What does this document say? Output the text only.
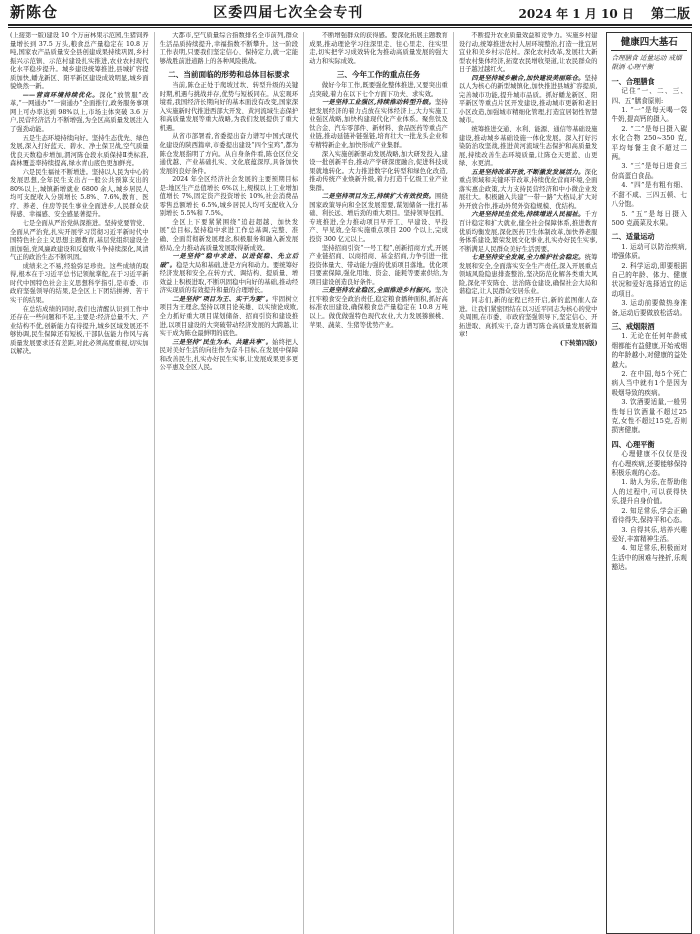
新陈仓	区委四届七次全会专刊	2024 年 1 月 10 日 第二版

(上接第一版)建设 10 个万亩林果示范园,生猪饲养量增长到 37.5 万头,粮食总产量稳定在 10.8 万吨,国家农产品质量安全县创建成果持续巩固,乡村振兴示范镇、示范村建设扎实推进,农业农村现代化水平稳步提升。城乡建设统筹推进,县城扩容提质加快,蟠龙新区、阳平新区建设成效明显,城乡面貌焕然一新。

——营商环境持续优化。深化“放管服”改革,“一网通办”“一窗通办”全面推行,政务服务事项网上可办率达到 98%以上,市场主体突破 3.6 万户,民营经济活力不断增强,为全区高质量发展注入了强劲动能。

五是生态环境持续向好。坚持生态优先、绿色发展,深入打好蓝天、碧水、净土保卫战,空气质量优良天数稳步增加,渭河陈仓段水质保持Ⅱ类标准,森林覆盖率持续提高,绿水青山底色更加鲜亮。

六是民生福祉不断增进。坚持以人民为中心的发展思想,全年民生支出占一般公共预算支出的 80%以上,城镇新增就业 6800 余人,城乡居民人均可支配收入分别增长 5.8%、7.6%,教育、医疗、养老、住房等民生事业全面进步,人民群众获得感、幸福感、安全感显著提升。

七是全面从严治党纵深推进。坚持党要管党、全面从严治党,扎实开展学习贯彻习近平新时代中国特色社会主义思想主题教育,基层党组织建设全面加强,党风廉政建设和反腐败斗争持续深化,风清气正的政治生态不断巩固。

成绩来之不易,经验弥足珍贵。这些成绩的取得,根本在于习近平总书记领航掌舵,在于习近平新时代中国特色社会主义思想科学指引,是市委、市政府坚强领导的结果,是全区上下团结拼搏、苦干实干的结果。

在总结成绩的同时,我们也清醒认识到工作中还存在一些问题和不足,主要是:经济总量不大、产业结构不优,创新能力有待提升,城乡区域发展还不够协调,民生保障还有短板,干部队伍能力作风与高质量发展要求还有差距,对此必须高度重视,切实加以解决。

大都市,空气质量综合指数排名全市前列,群众生活品质持续提升,幸福指数不断攀升。这一阶段工作表明,只要我们坚定信心、保持定力,就一定能够战胜前进道路上的各种风险挑战。

二、当前面临的形势和总体目标要求

当前,陈仓正处于爬坡过坎、转型升级的关键时期,机遇与挑战并存,优势与短板同在。从宏观环境看,我国经济长期向好的基本面没有改变,国家深入实施新时代推进西部大开发、黄河流域生态保护和高质量发展等重大战略,为我们发展提供了重大机遇。

从省市部署看,省委提出奋力谱写中国式现代化建设的陕西篇章,市委提出建设“四个宝鸡”,都为陈仓发展指明了方向。从自身条件看,陈仓区位交通优越、产业基础扎实、文化底蕴深厚,具备加快发展的良好条件。

2024 年全区经济社会发展的主要预期目标是:地区生产总值增长 6%以上,规模以上工业增加值增长 7%,固定资产投资增长 10%,社会消费品零售总额增长 6.5%,城乡居民人均可支配收入分别增长 5.5%和 7.5%。

全区上下要紧紧围绕“追赶超越、加快发展”总目标,坚持稳中求进工作总基调,完整、准确、全面贯彻新发展理念,积极服务和融入新发展格局,全力推动高质量发展取得新成效。

一是坚持“稳中求进、以进促稳、先立后破”。稳是大局和基础,进是方向和动力。要统筹好经济发展和安全,在转方式、调结构、提质量、增效益上积极进取,不断巩固稳中向好的基础,推动经济实现质的有效提升和量的合理增长。

二是坚持“项目为王、实干为要”。牢固树立项目为王理念,坚持以项目论英雄、以实绩论成败,全力抓好重大项目谋划储备、招商引资和建设推进,以项目建设的大突破带动经济发展的大跨越,让实干成为陈仓最鲜明的底色。

三是坚持“民生为本、共建共享”。始终把人民对美好生活的向往作为奋斗目标,在发展中保障和改善民生,扎实办好民生实事,让发展成果更多更公平惠及全区人民。

不断增强群众的获得感。要深化拓展主题教育成果,推动理论学习往深里走、往心里走、往实里走,切实把学习成效转化为推动高质量发展的强大动力和实际成效。

三、今年工作的重点任务

做好今年工作,既要强化整体推进,又要突出重点突破,着力在以下七个方面下功夫、求实效。

一是坚持工业强区,持续推动转型升级。坚持把发展经济的着力点放在实体经济上,大力实施工业强区战略,加快构建现代化产业体系。聚焦钛及钛合金、汽车零部件、新材料、食品医药等重点产业链,推动延链补链强链,培育壮大一批龙头企业和专精特新企业,加快形成产业集群。

深入实施创新驱动发展战略,加大研发投入,建设一批创新平台,推动产学研深度融合,促进科技成果就地转化。大力推进数字化转型和绿色化改造,推动传统产业焕新升级,着力打造千亿级工业产业集群。

二是坚持项目为王,持续扩大有效投资。围绕国家政策导向和全区发展需要,谋划储备一批打基础、利长远、增后劲的重大项目。坚持领导包抓、专班推进,全力推动项目早开工、早建设、早投产、早见效,全年实施重点项目 200 个以上,完成投资 300 亿元以上。

坚持招商引资“一号工程”,创新招商方式,开展产业链招商、以商招商、基金招商,力争引进一批投资体量大、带动能力强的优质项目落地。优化项目要素保障,强化用地、资金、能耗等要素供给,为项目建设创造良好条件。

三是坚持农业稳区,全面推进乡村振兴。坚决扛牢粮食安全政治责任,稳定粮食播种面积,抓好高标准农田建设,确保粮食总产量稳定在 10.8 万吨以上。做优做强特色现代农业,大力发展猕猴桃、苹果、蔬菜、生猪等优势产业。

不断提升农业质量效益和竞争力。实施乡村建设行动,统筹推进农村人居环境整治,打造一批宜居宜业和美乡村示范村。深化农村改革,发展壮大新型农村集体经济,拓宽农民增收渠道,让农民群众的日子越过越红火。

四是坚持城乡融合,加快建设美丽陈仓。坚持以人为核心的新型城镇化,加快推进县城扩容提质,完善城市功能,提升城市品质。抓好蟠龙新区、阳平新区等重点片区开发建设,推动城市更新和老旧小区改造,加强城市精细化管理,打造宜居韧性智慧城市。

统筹推进交通、水利、能源、通信等基础设施建设,推动城乡基础设施一体化发展。深入打好污染防治攻坚战,推进黄河流域生态保护和高质量发展,持续改善生态环境质量,让陈仓天更蓝、山更绿、水更清。

五是坚持改革开放,不断激发发展活力。深化重点领域和关键环节改革,持续优化营商环境,全面落实惠企政策,大力支持民营经济和中小微企业发展壮大。积极融入共建“一带一路”大格局,扩大对外开放合作,推动外贸外资稳规模、优结构。

六是坚持民生优先,持续增进人民福祉。千方百计稳定和扩大就业,健全社会保障体系,推进教育优质均衡发展,深化医药卫生体制改革,加快养老服务体系建设,繁荣发展文化事业,扎实办好民生实事,不断满足人民群众美好生活需要。

七是坚持安全发展,全力维护社会稳定。统筹发展和安全,全面落实安全生产责任,深入开展重点领域风险隐患排查整治,坚决防范化解各类重大风险,深化平安陈仓、法治陈仓建设,确保社会大局和谐稳定,让人民群众安居乐业。

同志们,新的征程已经开启,新的蓝图催人奋进。让我们紧密团结在以习近平同志为核心的党中央周围,在市委、市政府坚强领导下,坚定信心、开拓进取、真抓实干,奋力谱写陈仓高质量发展新篇章!

(下转第四版)

健康四大基石
合理膳食 适量运动 戒烟限酒 心理平衡
一、合理膳食

记住“一、二、三、四、五”膳食原则:

1. “一”是每天喝一袋牛奶,提高钙的摄入。

2. “二”是每日摄入碳水化合物 250~350 克,平均每餐主食不超过二两。

3. “三”是每日进食三份高蛋白食品。

4. “四”是有粗有细、不甜不咸、三四五顿、七八分饱。

5. “五”是每日摄入 500 克蔬菜及水果。

二、适量运动

1. 运动可以防治疾病,增强体质。

2. 科学运动,即要根据自己的年龄、体力、健康状况和爱好选择适宜的运动项目。

3. 运动前要做热身准备,运动后要做放松活动。

三、戒烟限酒

1. 无论在任何年龄戒烟都能有益健康,开始戒烟的年龄越小,对健康的益处越大。

2. 在中国,每5个死亡病人当中就有1个是因为吸烟导致的疾病。

3. 饮酒要适量,一般男性每日饮酒量不超过25克,女性不超过15克,否则损害健康。

四、心理平衡

心理健康不仅仅是没有心理疾病,还要能够保持积极乐观的心态。

1. 助人为乐,在帮助他人的过程中,可以获得快乐,提升自身价值。

2. 知足常乐,学会正确看待得失,保持平和心态。

3. 自得其乐,培养兴趣爱好,丰富精神生活。

4. 知足常乐,积极面对生活中的困难与挫折,乐观豁达。
